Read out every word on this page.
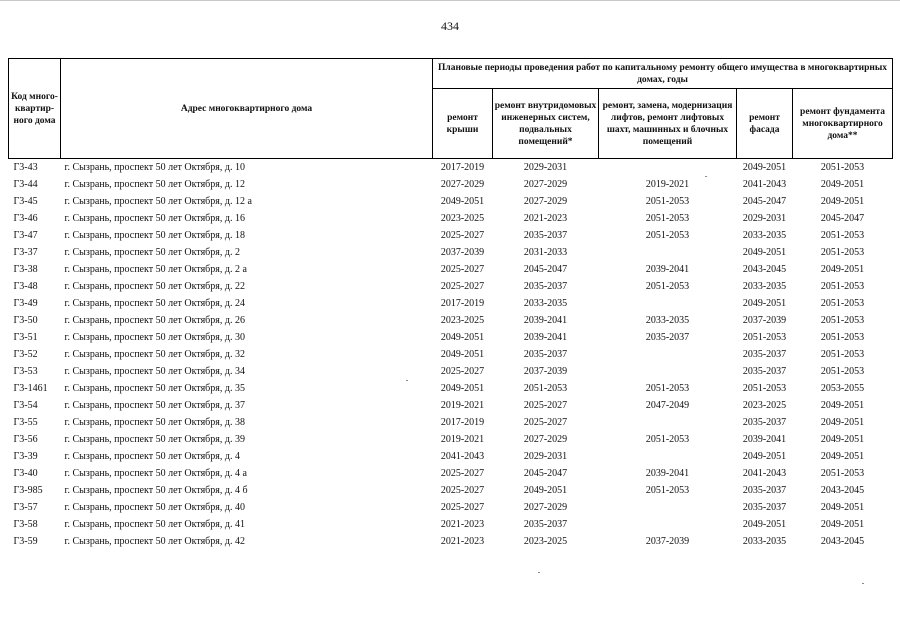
434
Код много-квартир-ного дома	Адрес многоквартирного дома	Плановые периоды проведения работ по капитальному ремонту общего имущества в многоквартирных домах, годы				
		ремонт крыши	ремонт внутридомовых инженерных систем, подвальных помещений*	ремонт, замена, модернизация лифтов, ремонт лифтовых шахт, машинных и блочных помещений	ремонт фасада	ремонт фундамента многоквартирного дома**
Г3-43	г. Сызрань, проспект 50 лет Октября, д. 10	2017-2019	2029-2031		2049-2051	2051-2053
Г3-44	г. Сызрань, проспект 50 лет Октября, д. 12	2027-2029	2027-2029	2019-2021	2041-2043	2049-2051
Г3-45	г. Сызрань, проспект 50 лет Октября, д. 12 а	2049-2051	2027-2029	2051-2053	2045-2047	2049-2051
Г3-46	г. Сызрань, проспект 50 лет Октября, д. 16	2023-2025	2021-2023	2051-2053	2029-2031	2045-2047
Г3-47	г. Сызрань, проспект 50 лет Октября, д. 18	2025-2027	2035-2037	2051-2053	2033-2035	2051-2053
Г3-37	г. Сызрань, проспект 50 лет Октября, д. 2	2037-2039	2031-2033		2049-2051	2051-2053
Г3-38	г. Сызрань, проспект 50 лет Октября, д. 2 а	2025-2027	2045-2047	2039-2041	2043-2045	2049-2051
Г3-48	г. Сызрань, проспект 50 лет Октября, д. 22	2025-2027	2035-2037	2051-2053	2033-2035	2051-2053
Г3-49	г. Сызрань, проспект 50 лет Октября, д. 24	2017-2019	2033-2035		2049-2051	2051-2053
Г3-50	г. Сызрань, проспект 50 лет Октября, д. 26	2023-2025	2039-2041	2033-2035	2037-2039	2051-2053
Г3-51	г. Сызрань, проспект 50 лет Октября, д. 30	2049-2051	2039-2041	2035-2037	2051-2053	2051-2053
Г3-52	г. Сызрань, проспект 50 лет Октября, д. 32	2049-2051	2035-2037		2035-2037	2051-2053
Г3-53	г. Сызрань, проспект 50 лет Октября, д. 34	2025-2027	2037-2039		2035-2037	2051-2053
Г3-1461	г. Сызрань, проспект 50 лет Октября, д. 35	2049-2051	2051-2053	2051-2053	2051-2053	2053-2055
Г3-54	г. Сызрань, проспект 50 лет Октября, д. 37	2019-2021	2025-2027	2047-2049	2023-2025	2049-2051
Г3-55	г. Сызрань, проспект 50 лет Октября, д. 38	2017-2019	2025-2027		2035-2037	2049-2051
Г3-56	г. Сызрань, проспект 50 лет Октября, д. 39	2019-2021	2027-2029	2051-2053	2039-2041	2049-2051
Г3-39	г. Сызрань, проспект 50 лет Октября, д. 4	2041-2043	2029-2031		2049-2051	2049-2051
Г3-40	г. Сызрань, проспект 50 лет Октября, д. 4 а	2025-2027	2045-2047	2039-2041	2041-2043	2051-2053
Г3-985	г. Сызрань, проспект 50 лет Октября, д. 4 б	2025-2027	2049-2051	2051-2053	2035-2037	2043-2045
Г3-57	г. Сызрань, проспект 50 лет Октября, д. 40	2025-2027	2027-2029		2035-2037	2049-2051
Г3-58	г. Сызрань, проспект 50 лет Октября, д. 41	2021-2023	2035-2037		2049-2051	2049-2051
Г3-59	г. Сызрань, проспект 50 лет Октября, д. 42	2021-2023	2023-2025	2037-2039	2033-2035	2043-2045
